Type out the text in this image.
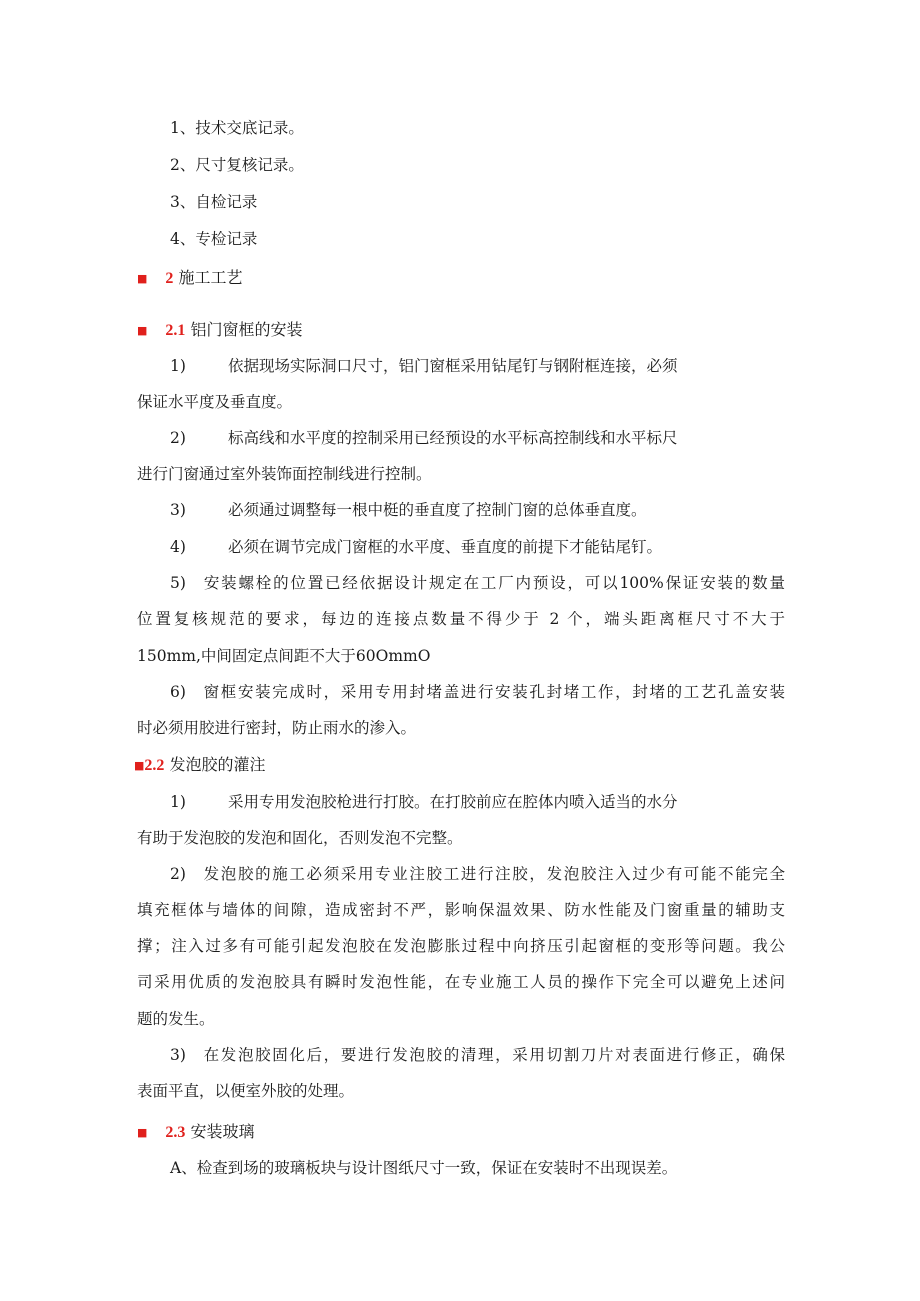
1、技术交底记录。
2、尺寸复核记录。
3、自检记录
4、专检记录
■ 2 施工工艺
■ 2.1 铝门窗框的安装
1)	依据现场实际洞口尺寸，铝门窗框采用钻尾钉与钢附框连接，必须
保证水平度及垂直度。
2)	标高线和水平度的控制采用已经预设的水平标高控制线和水平标尺
进行门窗通过室外装饰面控制线进行控制。
3)	必须通过调整每一根中梃的垂直度了控制门窗的总体垂直度。
4)	必须在调节完成门窗框的水平度、垂直度的前提下才能钻尾钉。
5) 安装螺栓的位置已经依据设计规定在工厂内预设，可以100%保证安装的数量
位置复核规范的要求，每边的连接点数量不得少于 2 个，端头距离框尺寸不大于
150mm,中间固定点间距不大于60OmmO
6) 窗框安装完成时，采用专用封堵盖进行安装孔封堵工作，封堵的工艺孔盖安装
时必须用胶进行密封，防止雨水的渗入。
■2.2 发泡胶的灌注
1)	采用专用发泡胶枪进行打胶。在打胶前应在腔体内喷入适当的水分
有助于发泡胶的发泡和固化，否则发泡不完整。
2) 发泡胶的施工必须采用专业注胶工进行注胶，发泡胶注入过少有可能不能完全
填充框体与墙体的间隙，造成密封不严，影响保温效果、防水性能及门窗重量的辅助支
撑；注入过多有可能引起发泡胶在发泡膨胀过程中向挤压引起窗框的变形等问题。我公
司采用优质的发泡胶具有瞬时发泡性能，在专业施工人员的操作下完全可以避免上述问
题的发生。
3) 在发泡胶固化后，要进行发泡胶的清理，采用切割刀片对表面进行修正，确保
表面平直，以便室外胶的处理。
■ 2.3 安装玻璃
A、检查到场的玻璃板块与设计图纸尺寸一致，保证在安装时不出现误差。
